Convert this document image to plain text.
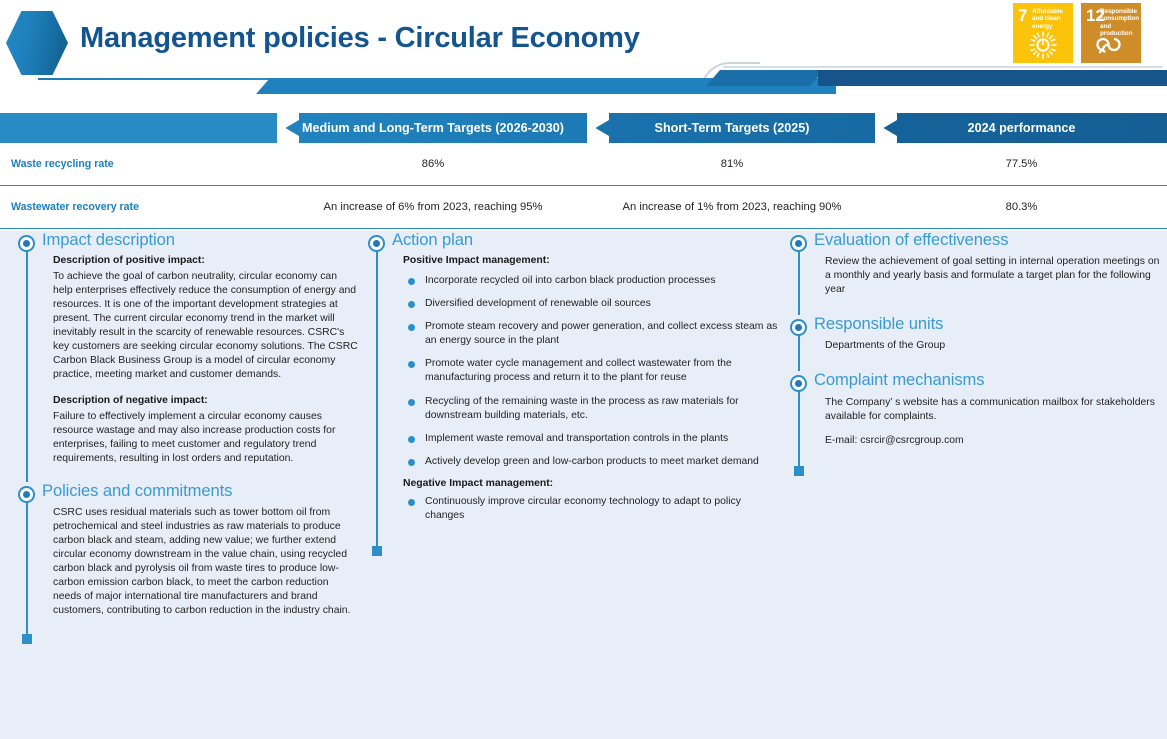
Management policies - Circular Economy
7 Affordable and clean energy
12
Responsible consumption and production
Medium and Long-Term Targets (2026-2030)	Short-Term Targets (2025)	2024 performance
Waste recycling rate	86%	81%	77.5%
Wastewater recovery rate	An increase of 6% from 2023, reaching 95%	An increase of 1% from 2023, reaching 90%	80.3%
Impact description
Description of positive impact:
To achieve the goal of carbon neutrality, circular economy can help enterprises effectively reduce the consumption of energy and resources. It is one of the important development strategies at present. The current circular economy trend in the market will inevitably result in the scarcity of renewable resources. CSRC's key customers are seeking circular economy solutions. The CSRC Carbon Black Business Group is a model of circular economy practice, meeting market and customer demands.
Description of negative impact:
Failure to effectively implement a circular economy causes resource wastage and may also increase production costs for enterprises, failing to meet customer and regulatory trend requirements, resulting in lost orders and reputation.
Policies and commitments
CSRC uses residual materials such as tower bottom oil from petrochemical and steel industries as raw materials to produce carbon black and steam, adding new value; we further extend circular economy downstream in the value chain, using recycled carbon black and pyrolysis oil from waste tires to produce low-carbon emission carbon black, to meet the carbon reduction needs of major international tire manufacturers and brand customers, contributing to carbon reduction in the industry chain.
Action plan
Positive Impact management:
Incorporate recycled oil into carbon black production processes
Diversified development of renewable oil sources
Promote steam recovery and power generation, and collect excess steam as an energy source in the plant
Promote water cycle management and collect wastewater from the manufacturing process and return it to the plant for reuse
Recycling of the remaining waste in the process as raw materials for downstream building materials, etc.
Implement waste removal and transportation controls in the plants
Actively develop green and low-carbon products to meet market demand
Negative Impact management:
Continuously improve circular economy technology to adapt to policy changes
Evaluation of effectiveness
Review the achievement of goal setting in internal operation meetings on a monthly and yearly basis and formulate a target plan for the following year
Responsible units
Departments of the Group
Complaint mechanisms
The Company’ s website has a communication mailbox for stakeholders available for complaints.
E-mail: csrcir@csrcgroup.com
